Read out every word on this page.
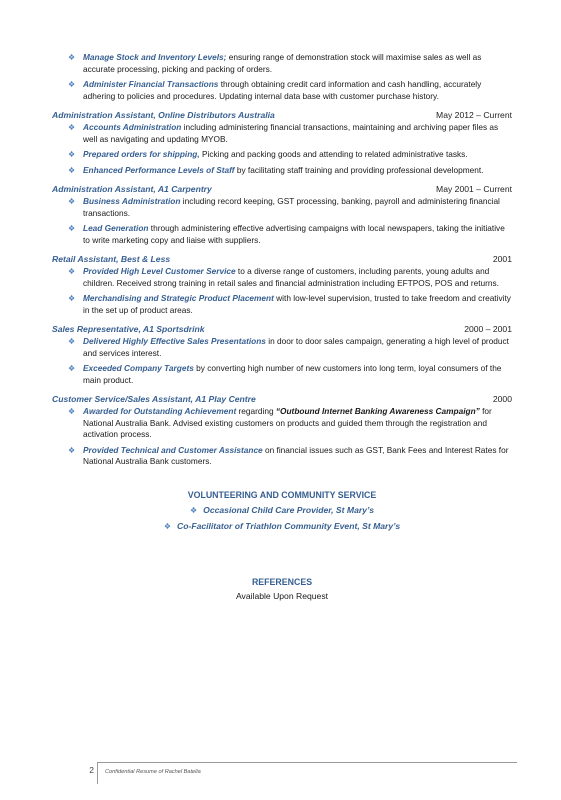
❖ Manage Stock and Inventory Levels; ensuring range of demonstration stock will maximise sales as well as accurate processing, picking and packing of orders.
❖ Administer Financial Transactions through obtaining credit card information and cash handling, accurately adhering to policies and procedures. Updating internal data base with customer purchase history.
Administration Assistant, Online Distributors Australia	May 2012 – Current
❖ Accounts Administration including administering financial transactions, maintaining and archiving paper files as well as navigating and updating MYOB.
❖ Prepared orders for shipping, Picking and packing goods and attending to related administrative tasks.
❖ Enhanced Performance Levels of Staff by facilitating staff training and providing professional development.
Administration Assistant, A1 Carpentry	May 2001 – Current
❖ Business Administration including record keeping, GST processing, banking, payroll and administering financial transactions.
❖ Lead Generation through administering effective advertising campaigns with local newspapers, taking the initiative to write marketing copy and liaise with suppliers.
Retail Assistant, Best & Less	2001
❖ Provided High Level Customer Service to a diverse range of customers, including parents, young adults and children. Received strong training in retail sales and financial administration including EFTPOS, POS and returns.
❖ Merchandising and Strategic Product Placement with low-level supervision, trusted to take freedom and creativity in the set up of product areas.
Sales Representative, A1 Sportsdrink	2000 – 2001
❖ Delivered Highly Effective Sales Presentations in door to door sales campaign, generating a high level of product and services interest.
❖ Exceeded Company Targets by converting high number of new customers into long term, loyal consumers of the main product.
Customer Service/Sales Assistant, A1 Play Centre	2000
❖ Awarded for Outstanding Achievement regarding “Outbound Internet Banking Awareness Campaign” for National Australia Bank. Advised existing customers on products and guided them through the registration and activation process.
❖ Provided Technical and Customer Assistance on financial issues such as GST, Bank Fees and Interest Rates for National Australia Bank customers.
VOLUNTEERING AND COMMUNITY SERVICE
❖ Occasional Child Care Provider, St Mary’s
❖ Co-Facilitator of Triathlon Community Event, St Mary’s
REFERENCES
Available Upon Request
2 Confidential Resume of Rachel Batelia
